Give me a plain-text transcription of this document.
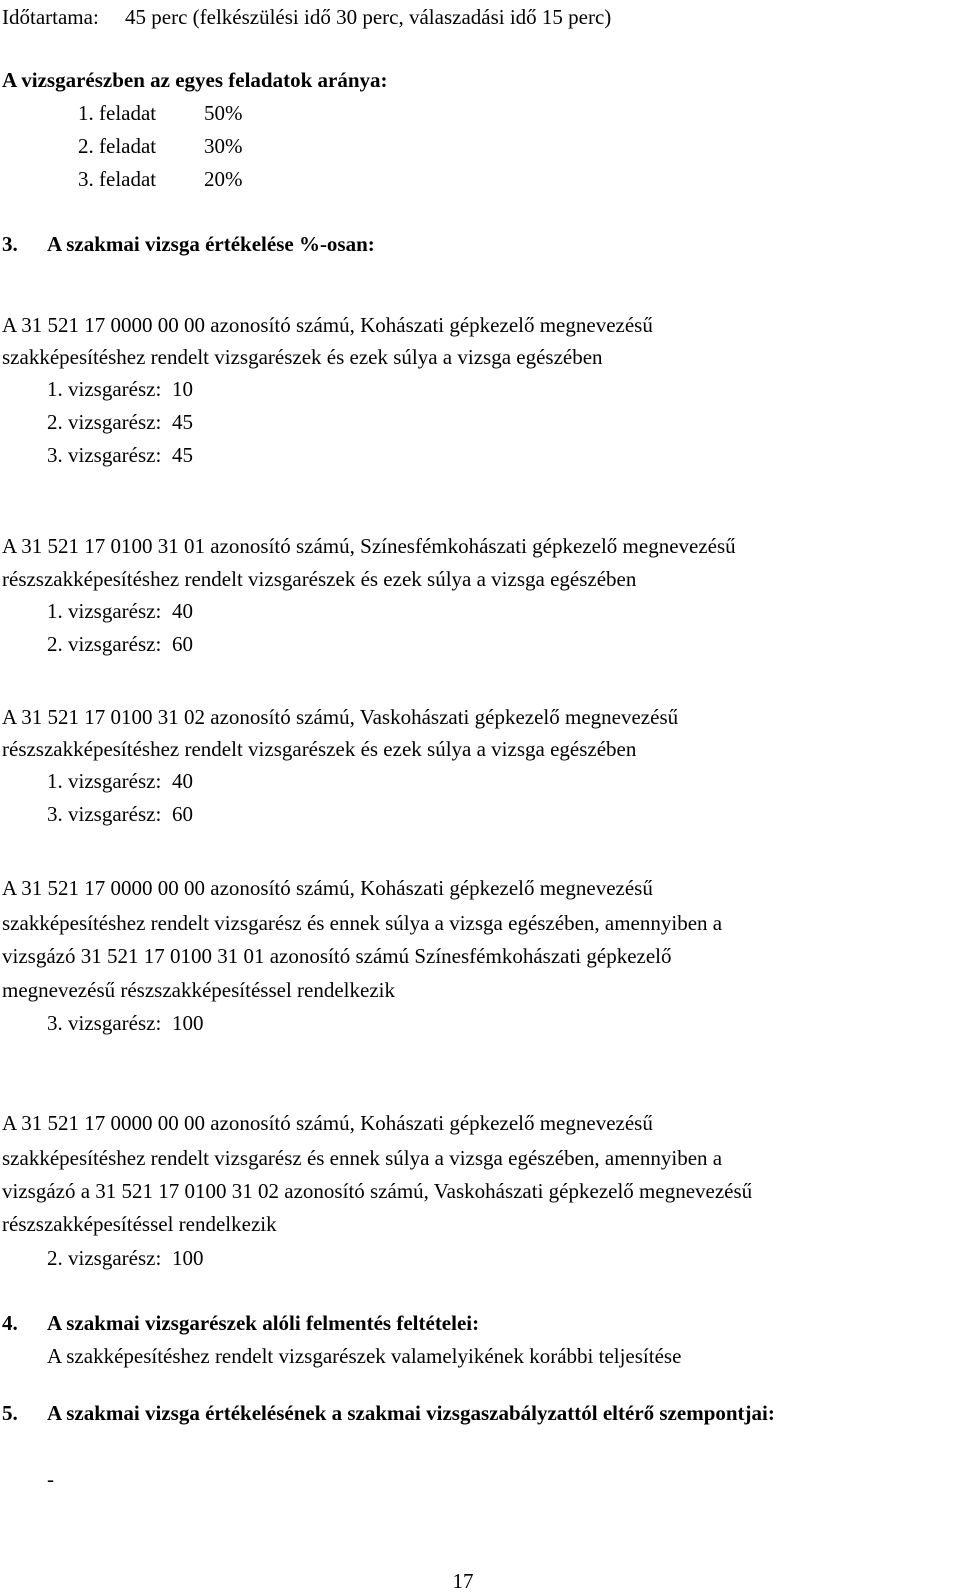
Időtartama: 45 perc (felkészülési idő 30 perc, válaszadási idő 15 perc)
A vizsgarészben az egyes feladatok aránya:
1. feladat 50%
2. feladat 30%
3. feladat 20%
3. A szakmai vizsga értékelése %-osan:
A 31 521 17 0000 00 00 azonosító számú, Kohászati gépkezelő megnevezésű
szakképesítéshez rendelt vizsgarészek és ezek súlya a vizsga egészében
1. vizsgarész: 10
2. vizsgarész: 45
3. vizsgarész: 45
A 31 521 17 0100 31 01 azonosító számú, Színesfémkohászati gépkezelő megnevezésű
részszakképesítéshez rendelt vizsgarészek és ezek súlya a vizsga egészében
1. vizsgarész: 40
2. vizsgarész: 60
A 31 521 17 0100 31 02 azonosító számú, Vaskohászati gépkezelő megnevezésű
részszakképesítéshez rendelt vizsgarészek és ezek súlya a vizsga egészében
1. vizsgarész: 40
3. vizsgarész: 60
A 31 521 17 0000 00 00 azonosító számú, Kohászati gépkezelő megnevezésű
szakképesítéshez rendelt vizsgarész és ennek súlya a vizsga egészében, amennyiben a
vizsgázó 31 521 17 0100 31 01 azonosító számú Színesfémkohászati gépkezelő
megnevezésű részszakképesítéssel rendelkezik
3. vizsgarész: 100
A 31 521 17 0000 00 00 azonosító számú, Kohászati gépkezelő megnevezésű
szakképesítéshez rendelt vizsgarész és ennek súlya a vizsga egészében, amennyiben a
vizsgázó a 31 521 17 0100 31 02 azonosító számú, Vaskohászati gépkezelő megnevezésű
részszakképesítéssel rendelkezik
2. vizsgarész: 100
4. A szakmai vizsgarészek alóli felmentés feltételei:
A szakképesítéshez rendelt vizsgarészek valamelyikének korábbi teljesítése
5. A szakmai vizsga értékelésének a szakmai vizsgaszabályzattól eltérő szempontjai:
-
17
